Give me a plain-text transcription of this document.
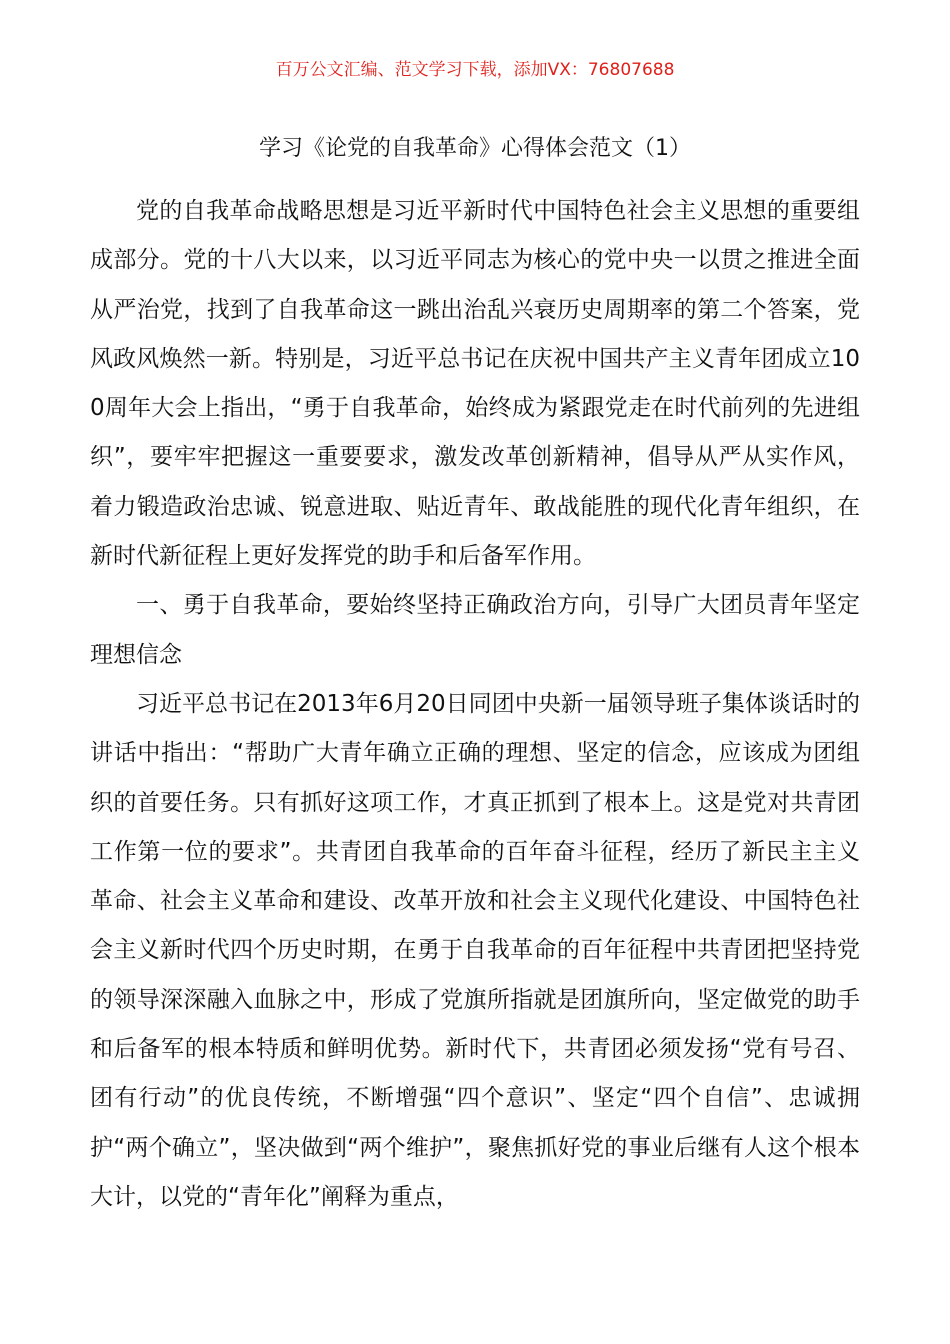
百万公文汇编、范文学习下载，添加VX：76807688
学习《论党的自我革命》心得体会范文（1）

党的自我革命战略思想是习近平新时代中国特色社会主义思想的重要组成部分。党的十八大以来，以习近平同志为核心的党中央一以贯之推进全面从严治党，找到了自我革命这一跳出治乱兴衰历史周期率的第二个答案，党风政风焕然一新。特别是，习近平总书记在庆祝中国共产主义青年团成立100周年大会上指出，“勇于自我革命，始终成为紧跟党走在时代前列的先进组织”，要牢牢把握这一重要要求，激发改革创新精神，倡导从严从实作风，着力锻造政治忠诚、锐意进取、贴近青年、敢战能胜的现代化青年组织，在新时代新征程上更好发挥党的助手和后备军作用。

一、勇于自我革命，要始终坚持正确政治方向，引导广大团员青年坚定理想信念

习近平总书记在2013年6月20日同团中央新一届领导班子集体谈话时的讲话中指出：“帮助广大青年确立正确的理想、坚定的信念，应该成为团组织的首要任务。只有抓好这项工作，才真正抓到了根本上。这是党对共青团工作第一位的要求”。共青团自我革命的百年奋斗征程，经历了新民主主义革命、社会主义革命和建设、改革开放和社会主义现代化建设、中国特色社会主义新时代四个历史时期，在勇于自我革命的百年征程中共青团把坚持党的领导深深融入血脉之中，形成了党旗所指就是团旗所向，坚定做党的助手和后备军的根本特质和鲜明优势。新时代下，共青团必须发扬“党有号召、团有行动”的优良传统，不断增强“四个意识”、坚定“四个自信”、忠诚拥护“两个确立”，坚决做到“两个维护”，聚焦抓好党的事业后继有人这个根本大计，以党的“青年化”阐释为重点，
